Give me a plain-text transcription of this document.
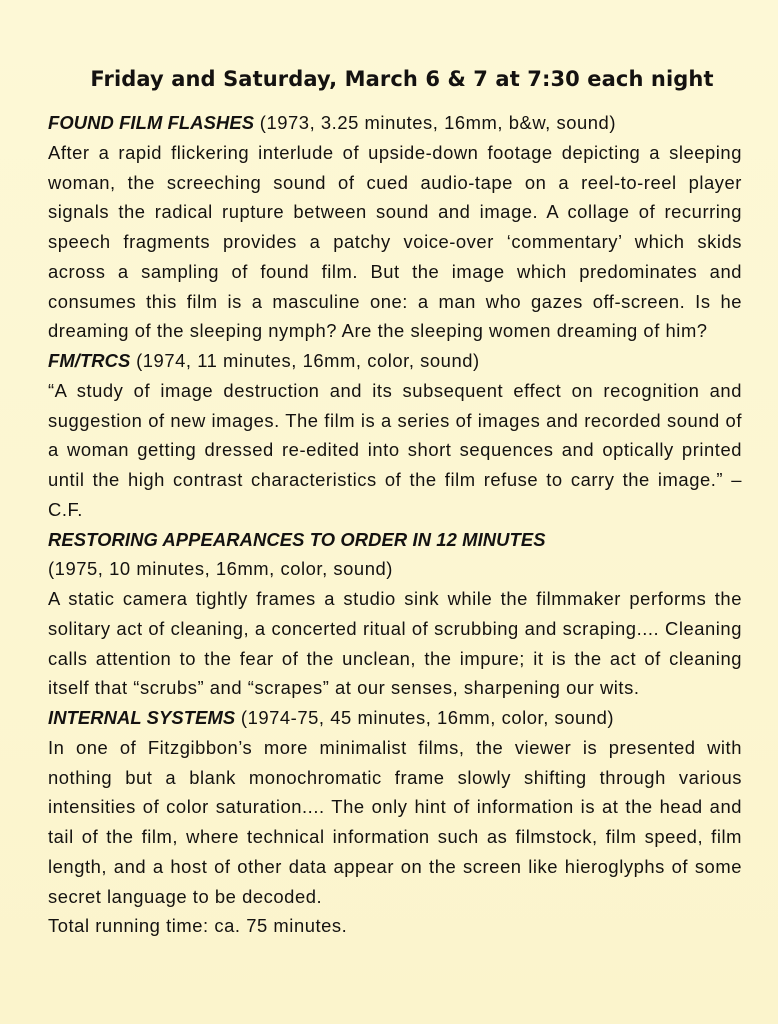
Friday and Saturday, March 6 & 7 at 7:30 each night
FOUND FILM FLASHES (1973, 3.25 minutes, 16mm, b&w, sound)
After a rapid flickering interlude of upside-down footage depicting a sleeping woman, the screeching sound of cued audio-tape on a reel-to-reel player signals the radical rupture between sound and image. A collage of recurring speech fragments provides a patchy voice-over ‘commentary’ which skids across a sampling of found film. But the image which predominates and consumes this film is a masculine one: a man who gazes off-screen. Is he dreaming of the sleeping nymph? Are the sleeping women dreaming of him?
FM/TRCS (1974, 11 minutes, 16mm, color, sound)
“A study of image destruction and its subsequent effect on recognition and suggestion of new images. The film is a series of images and recorded sound of a woman getting dressed re-edited into short sequences and optically printed until the high contrast characteristics of the film refuse to carry the image.” –C.F.
RESTORING APPEARANCES TO ORDER IN 12 MINUTES
(1975, 10 minutes, 16mm, color, sound)
A static camera tightly frames a studio sink while the filmmaker performs the solitary act of cleaning, a concerted ritual of scrubbing and scraping.... Cleaning calls attention to the fear of the unclean, the impure; it is the act of cleaning itself that “scrubs” and “scrapes” at our senses, sharpening our wits.
INTERNAL SYSTEMS (1974-75, 45 minutes, 16mm, color, sound)
In one of Fitzgibbon’s more minimalist films, the viewer is presented with nothing but a blank monochromatic frame slowly shifting through various intensities of color saturation.... The only hint of information is at the head and tail of the film, where technical information such as filmstock, film speed, film length, and a host of other data appear on the screen like hieroglyphs of some secret language to be decoded.

Total running time: ca. 75 minutes.
